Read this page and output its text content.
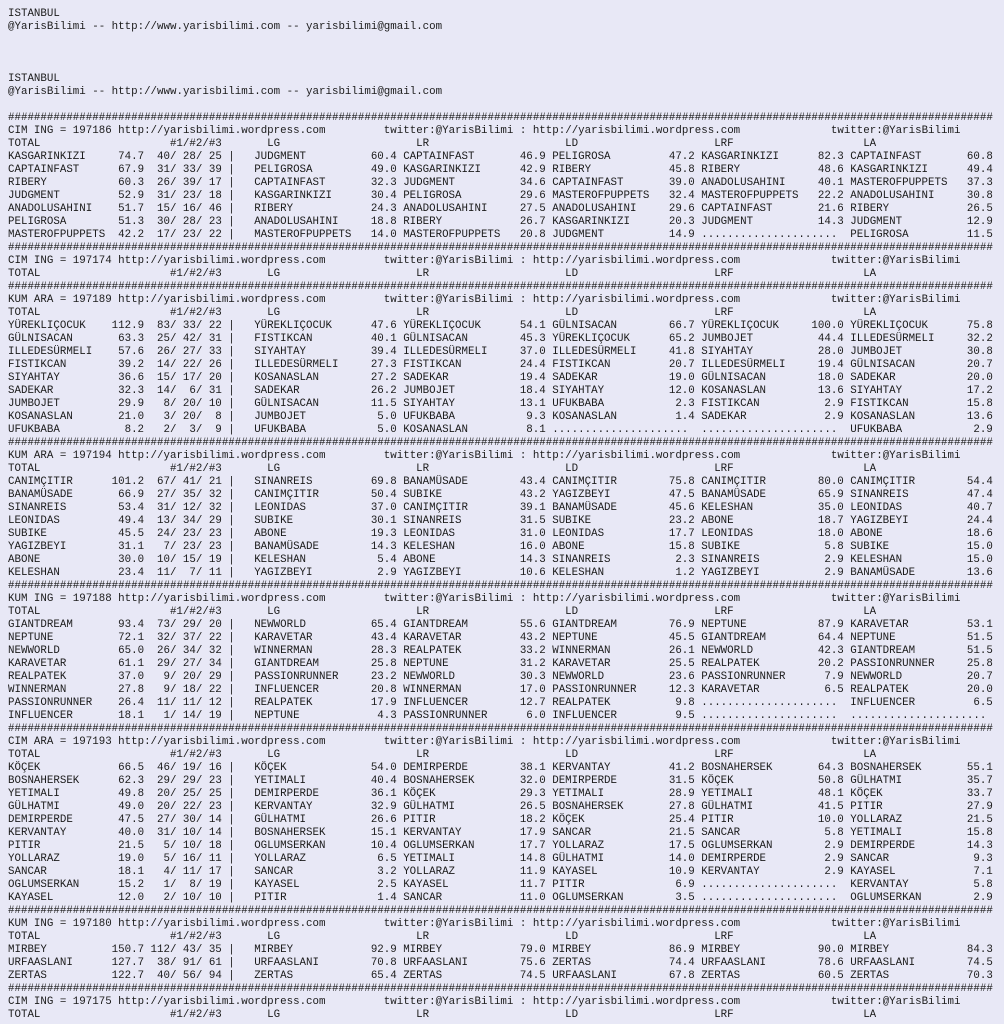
ISTANBUL
@YarisBilimi -- http://www.yarisbilimi.com -- yarisbilimi@gmail.com
ISTANBUL
@YarisBilimi -- http://www.yarisbilimi.com -- yarisbilimi@gmail.com
########################################################################################################################################################
CIM ING = 197186 http://yarisbilimi.wordpress.com         twitter:@YarisBilimi : http://yarisbilimi.wordpress.com              twitter:@YarisBilimi
TOTAL	#1/#2/#3	LG	LR	LD	LRF	LA
KASGARINKIZI	74.7	40/ 28/ 25 |	JUDGMENT	60.4 CAPTAINFAST	46.9 PELIGROSA	47.2 KASGARINKIZI	82.3 CAPTAINFAST	60.8
CAPTAINFAST	67.9	31/ 33/ 39 |	PELIGROSA	49.0 KASGARINKIZI	42.9 RIBERY	45.8 RIBERY	48.6 KASGARINKIZI	49.4
RIBERY	60.3	26/ 39/ 17 |	CAPTAINFAST	32.3 JUDGMENT	34.6 CAPTAINFAST	39.0 ANADOLUSAHINI	40.1 MASTEROFPUPPETS 37.3
JUDGMENT	52.9	31/ 23/ 18 |	KASGARINKIZI	30.4 PELIGROSA	29.6 MASTEROFPUPPETS 32.4 MASTEROFPUPPETS 22.2 ANADOLUSAHINI	30.8
ANADOLUSAHINI	51.7	15/ 16/ 46 |	RIBERY	24.3 ANADOLUSAHINI	27.5 ANADOLUSAHINI	29.6 CAPTAINFAST	21.6 RIBERY	26.5
PELIGROSA	51.3	30/ 28/ 23 |	ANADOLUSAHINI	18.8 RIBERY	26.7 KASGARINKIZI	20.3 JUDGMENT	14.3 JUDGMENT	12.9
MASTEROFPUPPETS	42.2	17/ 23/ 22 |	MASTEROFPUPPETS 14.0 MASTEROFPUPPETS 20.8 JUDGMENT	14.9 ..................... PELIGROSA	11.5
########################################################################################################################################################
CIM ING = 197174 http://yarisbilimi.wordpress.com         twitter:@YarisBilimi : http://yarisbilimi.wordpress.com              twitter:@YarisBilimi
TOTAL	#1/#2/#3	LG	LR	LD	LRF	LA
########################################################################################################################################################
KUM ARA = 197189 http://yarisbilimi.wordpress.com         twitter:@YarisBilimi : http://yarisbilimi.wordpress.com              twitter:@YarisBilimi
TOTAL	#1/#2/#3	LG	LR	LD	LRF	LA
YÜREKLIÇOCUK	112.9	83/ 33/ 22 |	YÜREKLIÇOCUK	47.6 YÜREKLIÇOCUK	54.1 GÜLNISACAN	66.7 YÜREKLIÇOCUK	100.0 YÜREKLIÇOCUK	75.8
GÜLNISACAN	63.3	25/ 42/ 31 |	FISTIKCAN	40.1 GÜLNISACAN	45.3 YÜREKLIÇOCUK	65.2 JUMBOJET	44.4 ILLEDESÜRMELI	32.2
ILLEDESÜRMELI	57.6	26/ 27/ 33 |	SIYAHTAY	39.4 ILLEDESÜRMELI	37.0 ILLEDESÜRMELI	41.8 SIYAHTAY	28.0 JUMBOJET	30.8
FISTIKCAN	39.2	14/ 22/ 26 |	ILLEDESÜRMELI	27.3 FISTIKCAN	24.4 FISTIKCAN	20.7 ILLEDESÜRMELI	19.4 GÜLNISACAN	20.7
SIYAHTAY	36.6	15/ 17/ 20 |	KOSANASLAN	27.2 SADEKAR	19.4 SADEKAR	19.0 GÜLNISACAN	18.0 SADEKAR	20.0
SADEKAR	32.3	14/  6/ 31 |	SADEKAR	26.2 JUMBOJET	18.4 SIYAHTAY	12.0 KOSANASLAN	13.6 SIYAHTAY	17.2
JUMBOJET	29.9	8/ 20/ 10 |	GÜLNISACAN	11.5 SIYAHTAY	13.1 UFUKBABA	2.3 FISTIKCAN	2.9 FISTIKCAN	15.8
KOSANASLAN	21.0	3/ 20/  8 |	JUMBOJET	5.0 UFUKBABA	9.3 KOSANASLAN	1.4 SADEKAR	2.9 KOSANASLAN	13.6
UFUKBABA	8.2	2/  3/  9 |	UFUKBABA	5.0 KOSANASLAN	8.1 ..................... ..................... UFUKBABA	2.9
########################################################################################################################################################
KUM ARA = 197194 http://yarisbilimi.wordpress.com         twitter:@YarisBilimi : http://yarisbilimi.wordpress.com              twitter:@YarisBilimi
TOTAL	#1/#2/#3	LG	LR	LD	LRF	LA
CANIMÇITIR	101.2	67/ 41/ 21 |	SINANREIS	69.8 BANAMÜSADE	43.4 CANIMÇITIR	75.8 CANIMÇITIR	80.0 CANIMÇITIR	54.4
BANAMÜSADE	66.9	27/ 35/ 32 |	CANIMÇITIR	50.4 SUBIKE	43.2 YAGIZBEYI	47.5 BANAMÜSADE	65.9 SINANREIS	47.4
SINANREIS	53.4	31/ 12/ 32 |	LEONIDAS	37.0 CANIMÇITIR	39.1 BANAMÜSADE	45.6 KELESHAN	35.0 LEONIDAS	40.7
LEONIDAS	49.4	13/ 34/ 29 |	SUBIKE	30.1 SINANREIS	31.5 SUBIKE	23.2 ABONE	18.7 YAGIZBEYI	24.4
SUBIKE	45.5	24/ 23/ 23 |	ABONE	19.3 LEONIDAS	31.0 LEONIDAS	17.7 LEONIDAS	18.0 ABONE	18.6
YAGIZBEYI	31.1	7/ 23/ 23 |	BANAMÜSADE	14.3 KELESHAN	16.0 ABONE	15.8 SUBIKE	5.8 SUBIKE	15.0
ABONE	30.0	10/ 15/ 19 |	KELESHAN	5.4 ABONE	14.3 SINANREIS	2.3 SINANREIS	2.9 KELESHAN	15.0
KELESHAN	23.4	11/  7/ 11 |	YAGIZBEYI	2.9 YAGIZBEYI	10.6 KELESHAN	1.2 YAGIZBEYI	2.9 BANAMÜSADE	13.6
########################################################################################################################################################
KUM ING = 197188 http://yarisbilimi.wordpress.com         twitter:@YarisBilimi : http://yarisbilimi.wordpress.com              twitter:@YarisBilimi
TOTAL	#1/#2/#3	LG	LR	LD	LRF	LA
GIANTDREAM	93.4	73/ 29/ 20 |	NEWWORLD	65.4 GIANTDREAM	55.6 GIANTDREAM	76.9 NEPTUNE	87.9 KARAVETAR	53.1
NEPTUNE	72.1	32/ 37/ 22 |	KARAVETAR	43.4 KARAVETAR	43.2 NEPTUNE	45.5 GIANTDREAM	64.4 NEPTUNE	51.5
NEWWORLD	65.0	26/ 34/ 32 |	WINNERMAN	28.3 REALPATEK	33.2 WINNERMAN	26.1 NEWWORLD	42.3 GIANTDREAM	51.5
KARAVETAR	61.1	29/ 27/ 34 |	GIANTDREAM	25.8 NEPTUNE	31.2 KARAVETAR	25.5 REALPATEK	20.2 PASSIONRUNNER	25.8
REALPATEK	37.0	9/ 20/ 29 |	PASSIONRUNNER	23.2 NEWWORLD	30.3 NEWWORLD	23.6 PASSIONRUNNER	7.9 NEWWORLD	20.7
WINNERMAN	27.8	9/ 18/ 22 |	INFLUENCER	20.8 WINNERMAN	17.0 PASSIONRUNNER	12.3 KARAVETAR	6.5 REALPATEK	20.0
PASSIONRUNNER	26.4	11/ 11/ 12 |	REALPATEK	17.9 INFLUENCER	12.7 REALPATEK	9.8 ..................... INFLUENCER	6.5
INFLUENCER	18.1	1/ 14/ 19 |	NEPTUNE	4.3 PASSIONRUNNER	6.0 INFLUENCER	9.5 ..................... .....................
########################################################################################################################################################
CIM ARA = 197193 http://yarisbilimi.wordpress.com         twitter:@YarisBilimi : http://yarisbilimi.wordpress.com              twitter:@YarisBilimi
TOTAL	#1/#2/#3	LG	LR	LD	LRF	LA
KÖÇEK	66.5	46/ 19/ 16 |	KÖÇEK	54.0 DEMIRPERDE	38.1 KERVANTAY	41.2 BOSNAHERSEK	64.3 BOSNAHERSEK	55.1
BOSNAHERSEK	62.3	29/ 29/ 23 |	YETIMALI	40.4 BOSNAHERSEK	32.0 DEMIRPERDE	31.5 KÖÇEK	50.8 GÜLHATMI	35.7
YETIMALI	49.8	20/ 25/ 25 |	DEMIRPERDE	36.1 KÖÇEK	29.3 YETIMALI	28.9 YETIMALI	48.1 KÖÇEK	33.7
GÜLHATMI	49.0	20/ 22/ 23 |	KERVANTAY	32.9 GÜLHATMI	26.5 BOSNAHERSEK	27.8 GÜLHATMI	41.5 PITIR	27.9
DEMIRPERDE	47.5	27/ 30/ 14 |	GÜLHATMI	26.6 PITIR	18.2 KÖÇEK	25.4 PITIR	10.0 YOLLARAZ	21.5
KERVANTAY	40.0	31/ 10/ 14 |	BOSNAHERSEK	15.1 KERVANTAY	17.9 SANCAR	21.5 SANCAR	5.8 YETIMALI	15.8
PITIR	21.5	5/ 10/ 18 |	OGLUMSERKAN	10.4 OGLUMSERKAN	17.7 YOLLARAZ	17.5 OGLUMSERKAN	2.9 DEMIRPERDE	14.3
YOLLARAZ	19.0	5/ 16/ 11 |	YOLLARAZ	6.5 YETIMALI	14.8 GÜLHATMI	14.0 DEMIRPERDE	2.9 SANCAR	9.3
SANCAR	18.1	4/ 11/ 17 |	SANCAR	3.2 YOLLARAZ	11.9 KAYASEL	10.9 KERVANTAY	2.9 KAYASEL	7.1
OGLUMSERKAN	15.2	1/  8/ 19 |	KAYASEL	2.5 KAYASEL	11.7 PITIR	6.9 ..................... KERVANTAY	5.8
KAYASEL	12.0	2/ 10/ 10 |	PITIR	1.4 SANCAR	11.0 OGLUMSERKAN	3.5 ..................... OGLUMSERKAN	2.9
########################################################################################################################################################
KUM ING = 197180 http://yarisbilimi.wordpress.com         twitter:@YarisBilimi : http://yarisbilimi.wordpress.com              twitter:@YarisBilimi
TOTAL	#1/#2/#3	LG	LR	LD	LRF	LA
MIRBEY	150.7 112/ 43/ 35 |	MIRBEY	92.9 MIRBEY	79.0 MIRBEY	86.9 MIRBEY	90.0 MIRBEY	84.3
URFAASLANI	127.7	38/ 91/ 61 |	URFAASLANI	70.8 URFAASLANI	75.6 ZERTAS	74.4 URFAASLANI	78.6 URFAASLANI	74.5
ZERTAS	122.7	40/ 56/ 94 |	ZERTAS	65.4 ZERTAS	74.5 URFAASLANI	67.8 ZERTAS	60.5 ZERTAS	70.3
########################################################################################################################################################
CIM ING = 197175 http://yarisbilimi.wordpress.com         twitter:@YarisBilimi : http://yarisbilimi.wordpress.com              twitter:@YarisBilimi
TOTAL	#1/#2/#3	LG	LR	LD	LRF	LA
